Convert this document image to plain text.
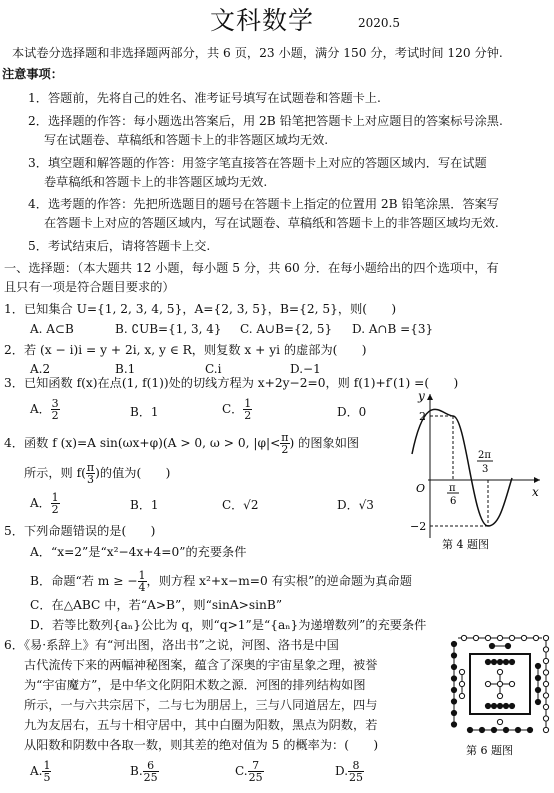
文科数学	2020.5
本试卷分选择题和非选择题两部分，共 6 页，23 小题，满分 150 分，考试时间 120 分钟.
注意事项：
1．答题前，先将自己的姓名、准考证号填写在试题卷和答题卡上.
2．选择题的作答：每小题选出答案后，用 2B 铅笔把答题卡上对应题目的答案标号涂黑.
写在试题卷、草稿纸和答题卡上的非答题区域均无效.
3．填空题和解答题的作答：用签字笔直接答在答题卡上对应的答题区域内．写在试题
卷草稿纸和答题卡上的非答题区域均无效.
4．选考题的作答：先把所选题目的题号在答题卡上指定的位置用 2B 铅笔涂黑．答案写
在答题卡上对应的答题区域内，写在试题卷、草稿纸和答题卡上的非答题区域均无效.
5．考试结束后，请将答题卡上交.
一、选择题：（本大题共 12 小题，每小题 5 分，共 60 分．在每小题给出的四个选项中，有
且只有一项是符合题目要求的）
1．已知集合 U={1, 2, 3, 4, 5}，A={2, 3, 5}，B={2, 5}，则(　　)
A. A⊂B	B. ∁UB={1, 3, 4} C. A∪B={2, 5} D. A∩B ={3}
2．若 (x − i)i = y + 2i, x, y ∈ R，则复数 x + yi 的虚部为(　　)
A.2	B.1	C.i	D.−1
3．已知函数 f(x)在点(1, f(1))处的切线方程为 x+2y−2=0，则 f(1)+f′(1) =(　　)
A． $\frac{3}{2}$	B．1	C． $\frac{1}{2}$	D．0
4．函数 f (x)=A sin(ωx+φ)(A > 0, ω > 0, $|\varphi|< \frac{\pi}{2}$ ) 的图象如图
所示，则 $f( \frac{\pi}{3}$ )的值为(　　)
A． $\frac{1}{2}$	B．1	C．√2	D．√3
y
x
O
2
−2
π
6
2π
3
第 4 题图
5．下列命题错误的是(　　)
A．“x=2”是“x²−4x+4=0”的充要条件
B．命题“若 m ≥ − $\frac{1}{4}$ ，则方程 x²+x−m=0 有实根”的逆命题为真命题
C．在△ABC 中，若“A>B”，则“sinA>sinB”
D．若等比数列{aₙ}公比为 q，则“q>1”是“{aₙ}为递增数列”的充要条件
6．《易·系辞上》有“河出图，洛出书”之说，河图、洛书是中国
古代流传下来的两幅神秘图案，蕴含了深奥的宇宙星象之理，被誉
为“宇宙魔方”，是中华文化阴阳术数之源．河图的排列结构如图
所示，一与六共宗居下，二与七为朋居上，三与八同道居左，四与
九为友居右，五与十相守居中，其中白圈为阳数，黑点为阴数，若
从阳数和阴数中各取一数，则其差的绝对值为 5 的概率为：(　　)
A. $\frac{1}{5}$	B. $\frac{6}{25}$	C. $\frac{7}{25}$	D. $\frac{8}{25}$
第 6 题图
